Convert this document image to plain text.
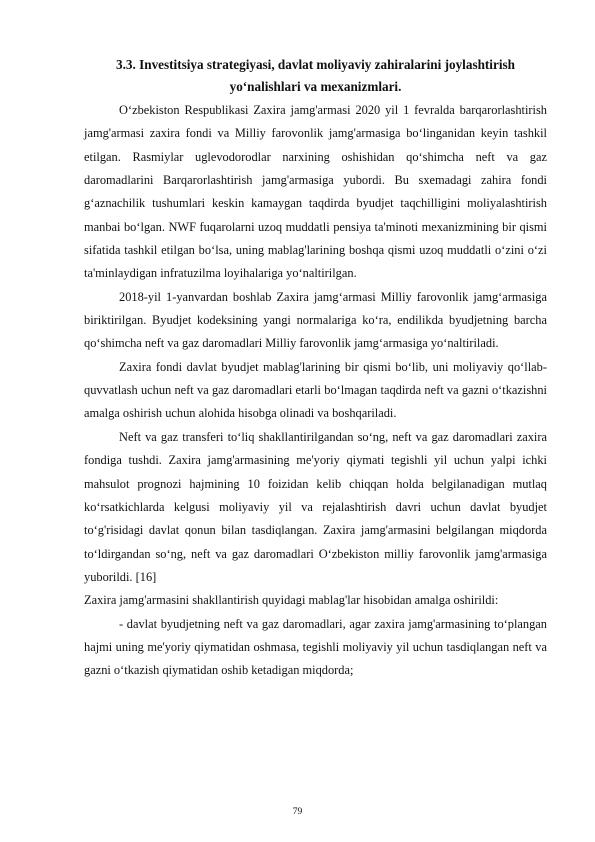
3.3. Investitsiya strategiyasi, davlat moliyaviy zahiralarini joylashtirish
yo‘nalishlari va mexanizmlari.

O‘zbekiston Respublikasi Zaxira jamg'armasi 2020 yil 1 fevralda barqarorlashtirish jamg'armasi zaxira fondi va Milliy farovonlik jamg'armasiga bo‘linganidan keyin tashkil etilgan. Rasmiylar uglevodorodlar narxining oshishidan qo‘shimcha neft va gaz daromadlarini Barqarorlashtirish jamg'armasiga yubordi. Bu sxemadagi zahira fondi g‘aznachilik tushumlari keskin kamaygan taqdirda byudjet taqchilligini moliyalashtirish manbai bo‘lgan. NWF fuqarolarni uzoq muddatli pensiya ta'minoti mexanizmining bir qismi sifatida tashkil etilgan bo‘lsa, uning mablag'larining boshqa qismi uzoq muddatli o‘zini o‘zi ta'minlaydigan infratuzilma loyihalariga yo‘naltirilgan.

2018-yil 1-yanvardan boshlab Zaxira jamg‘armasi Milliy farovonlik jamg‘armasiga biriktirilgan. Byudjet kodeksining yangi normalariga ko‘ra, endilikda byudjetning barcha qo‘shimcha neft va gaz daromadlari Milliy farovonlik jamg‘armasiga yo‘naltiriladi.

Zaxira fondi davlat byudjet mablag'larining bir qismi bo‘lib, uni moliyaviy qo‘llab-quvvatlash uchun neft va gaz daromadlari etarli bo‘lmagan taqdirda neft va gazni o‘tkazishni amalga oshirish uchun alohida hisobga olinadi va boshqariladi.

Neft va gaz transferi to‘liq shakllantirilgandan so‘ng, neft va gaz daromadlari zaxira fondiga tushdi. Zaxira jamg'armasining me'yoriy qiymati tegishli yil uchun yalpi ichki mahsulot prognozi hajmining 10 foizidan kelib chiqqan holda belgilanadigan mutlaq ko‘rsatkichlarda kelgusi moliyaviy yil va rejalashtirish davri uchun davlat byudjet to‘g'risidagi davlat qonun bilan tasdiqlangan. Zaxira jamg'armasini belgilangan miqdorda to‘ldirgandan so‘ng, neft va gaz daromadlari O‘zbekiston milliy farovonlik jamg'armasiga yuborildi. [16]

Zaxira jamg'armasini shakllantirish quyidagi mablag'lar hisobidan amalga oshirildi:

- davlat byudjetning neft va gaz daromadlari, agar zaxira jamg'armasining to‘plangan hajmi uning me'yoriy qiymatidan oshmasa, tegishli moliyaviy yil uchun tasdiqlangan neft va gazni o‘tkazish qiymatidan oshib ketadigan miqdorda;

79
